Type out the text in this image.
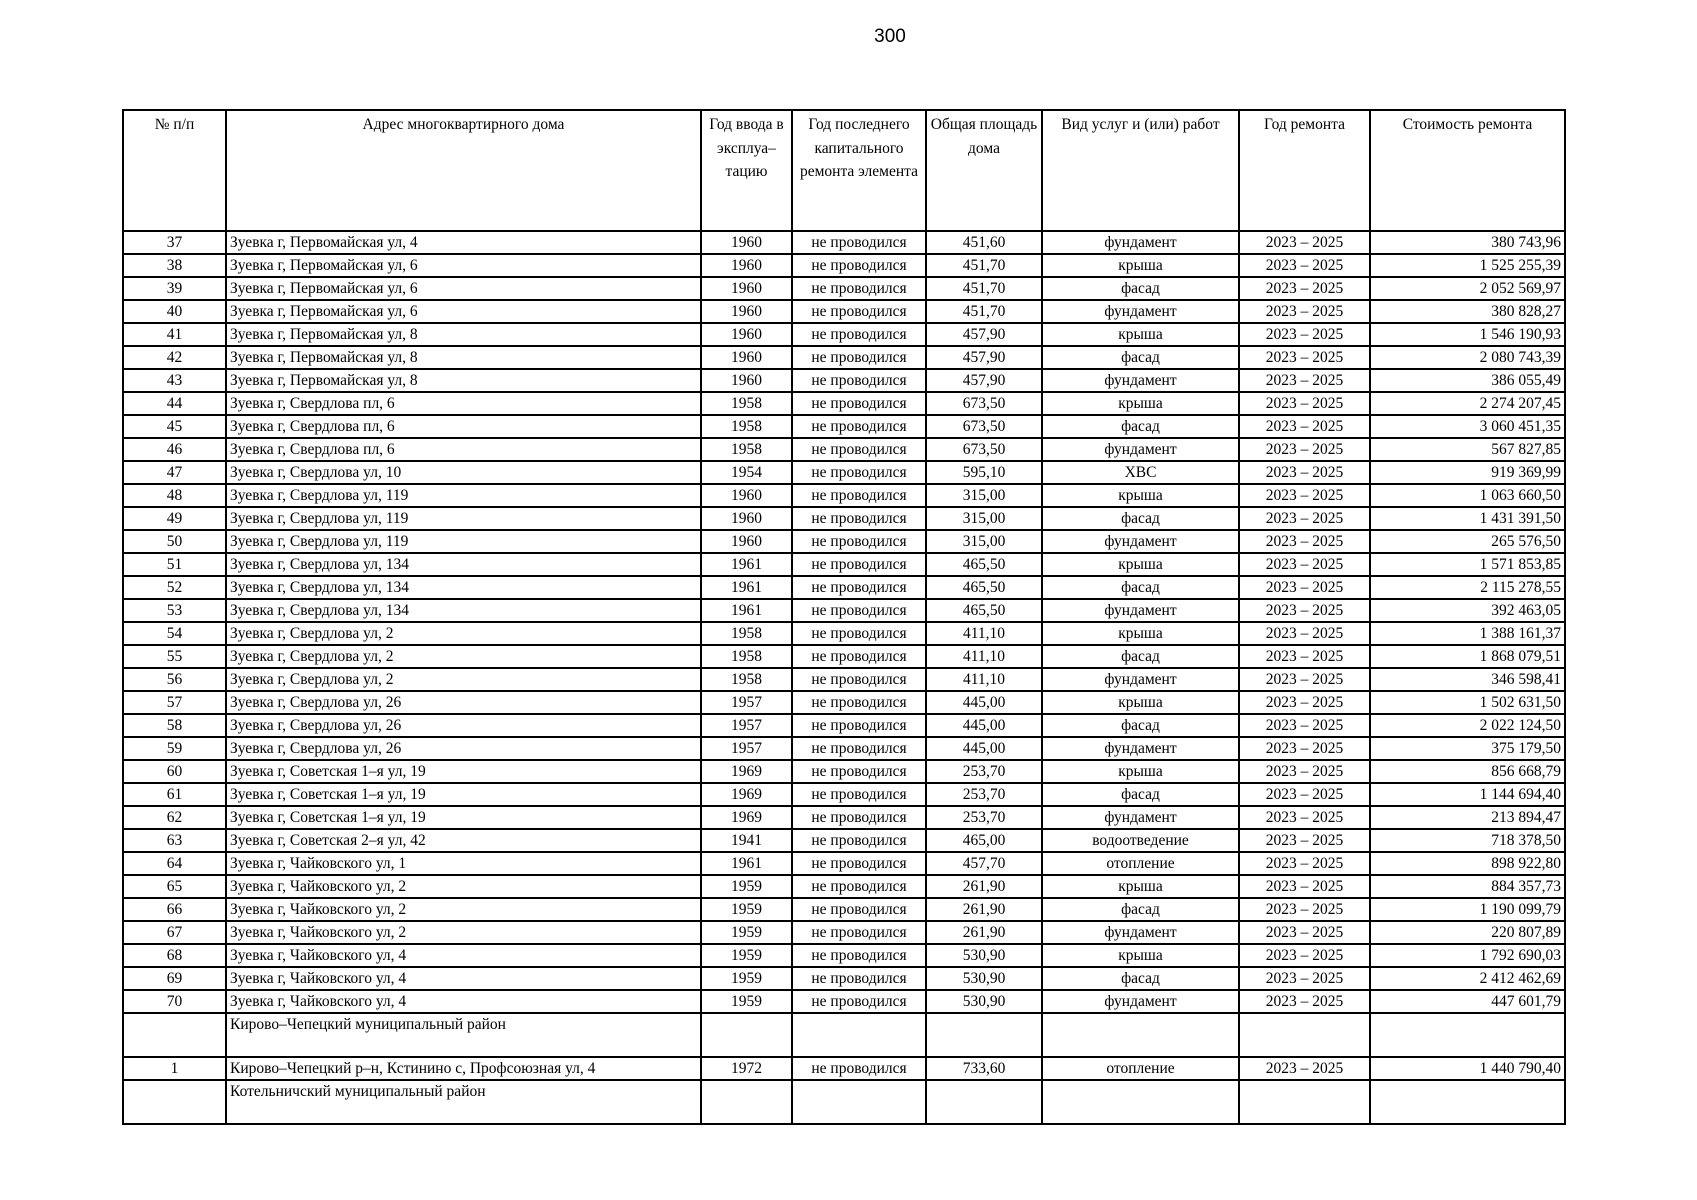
300
№ п/п	Адрес многоквартирного дома	Год ввода в эксплуа–тацию	Год последнего капитального ремонта элемента	Общая площадь дома	Вид услуг и (или) работ	Год ремонта	Стоимость ремонта
37	Зуевка г, Первомайская ул, 4	1960	не проводился	451,60	фундамент	2023 – 2025	380 743,96
38	Зуевка г, Первомайская ул, 6	1960	не проводился	451,70	крыша	2023 – 2025	1 525 255,39
39	Зуевка г, Первомайская ул, 6	1960	не проводился	451,70	фасад	2023 – 2025	2 052 569,97
40	Зуевка г, Первомайская ул, 6	1960	не проводился	451,70	фундамент	2023 – 2025	380 828,27
41	Зуевка г, Первомайская ул, 8	1960	не проводился	457,90	крыша	2023 – 2025	1 546 190,93
42	Зуевка г, Первомайская ул, 8	1960	не проводился	457,90	фасад	2023 – 2025	2 080 743,39
43	Зуевка г, Первомайская ул, 8	1960	не проводился	457,90	фундамент	2023 – 2025	386 055,49
44	Зуевка г, Свердлова пл, 6	1958	не проводился	673,50	крыша	2023 – 2025	2 274 207,45
45	Зуевка г, Свердлова пл, 6	1958	не проводился	673,50	фасад	2023 – 2025	3 060 451,35
46	Зуевка г, Свердлова пл, 6	1958	не проводился	673,50	фундамент	2023 – 2025	567 827,85
47	Зуевка г, Свердлова ул, 10	1954	не проводился	595,10	ХВС	2023 – 2025	919 369,99
48	Зуевка г, Свердлова ул, 119	1960	не проводился	315,00	крыша	2023 – 2025	1 063 660,50
49	Зуевка г, Свердлова ул, 119	1960	не проводился	315,00	фасад	2023 – 2025	1 431 391,50
50	Зуевка г, Свердлова ул, 119	1960	не проводился	315,00	фундамент	2023 – 2025	265 576,50
51	Зуевка г, Свердлова ул, 134	1961	не проводился	465,50	крыша	2023 – 2025	1 571 853,85
52	Зуевка г, Свердлова ул, 134	1961	не проводился	465,50	фасад	2023 – 2025	2 115 278,55
53	Зуевка г, Свердлова ул, 134	1961	не проводился	465,50	фундамент	2023 – 2025	392 463,05
54	Зуевка г, Свердлова ул, 2	1958	не проводился	411,10	крыша	2023 – 2025	1 388 161,37
55	Зуевка г, Свердлова ул, 2	1958	не проводился	411,10	фасад	2023 – 2025	1 868 079,51
56	Зуевка г, Свердлова ул, 2	1958	не проводился	411,10	фундамент	2023 – 2025	346 598,41
57	Зуевка г, Свердлова ул, 26	1957	не проводился	445,00	крыша	2023 – 2025	1 502 631,50
58	Зуевка г, Свердлова ул, 26	1957	не проводился	445,00	фасад	2023 – 2025	2 022 124,50
59	Зуевка г, Свердлова ул, 26	1957	не проводился	445,00	фундамент	2023 – 2025	375 179,50
60	Зуевка г, Советская 1–я ул, 19	1969	не проводился	253,70	крыша	2023 – 2025	856 668,79
61	Зуевка г, Советская 1–я ул, 19	1969	не проводился	253,70	фасад	2023 – 2025	1 144 694,40
62	Зуевка г, Советская 1–я ул, 19	1969	не проводился	253,70	фундамент	2023 – 2025	213 894,47
63	Зуевка г, Советская 2–я ул, 42	1941	не проводился	465,00	водоотведение	2023 – 2025	718 378,50
64	Зуевка г, Чайковского ул, 1	1961	не проводился	457,70	отопление	2023 – 2025	898 922,80
65	Зуевка г, Чайковского ул, 2	1959	не проводился	261,90	крыша	2023 – 2025	884 357,73
66	Зуевка г, Чайковского ул, 2	1959	не проводился	261,90	фасад	2023 – 2025	1 190 099,79
67	Зуевка г, Чайковского ул, 2	1959	не проводился	261,90	фундамент	2023 – 2025	220 807,89
68	Зуевка г, Чайковского ул, 4	1959	не проводился	530,90	крыша	2023 – 2025	1 792 690,03
69	Зуевка г, Чайковского ул, 4	1959	не проводился	530,90	фасад	2023 – 2025	2 412 462,69
70	Зуевка г, Чайковского ул, 4	1959	не проводился	530,90	фундамент	2023 – 2025	447 601,79
	Кирово–Чепецкий муниципальный район						
1	Кирово–Чепецкий р–н, Кстинино с, Профсоюзная ул, 4	1972	не проводился	733,60	отопление	2023 – 2025	1 440 790,40
	Котельничский муниципальный район						
